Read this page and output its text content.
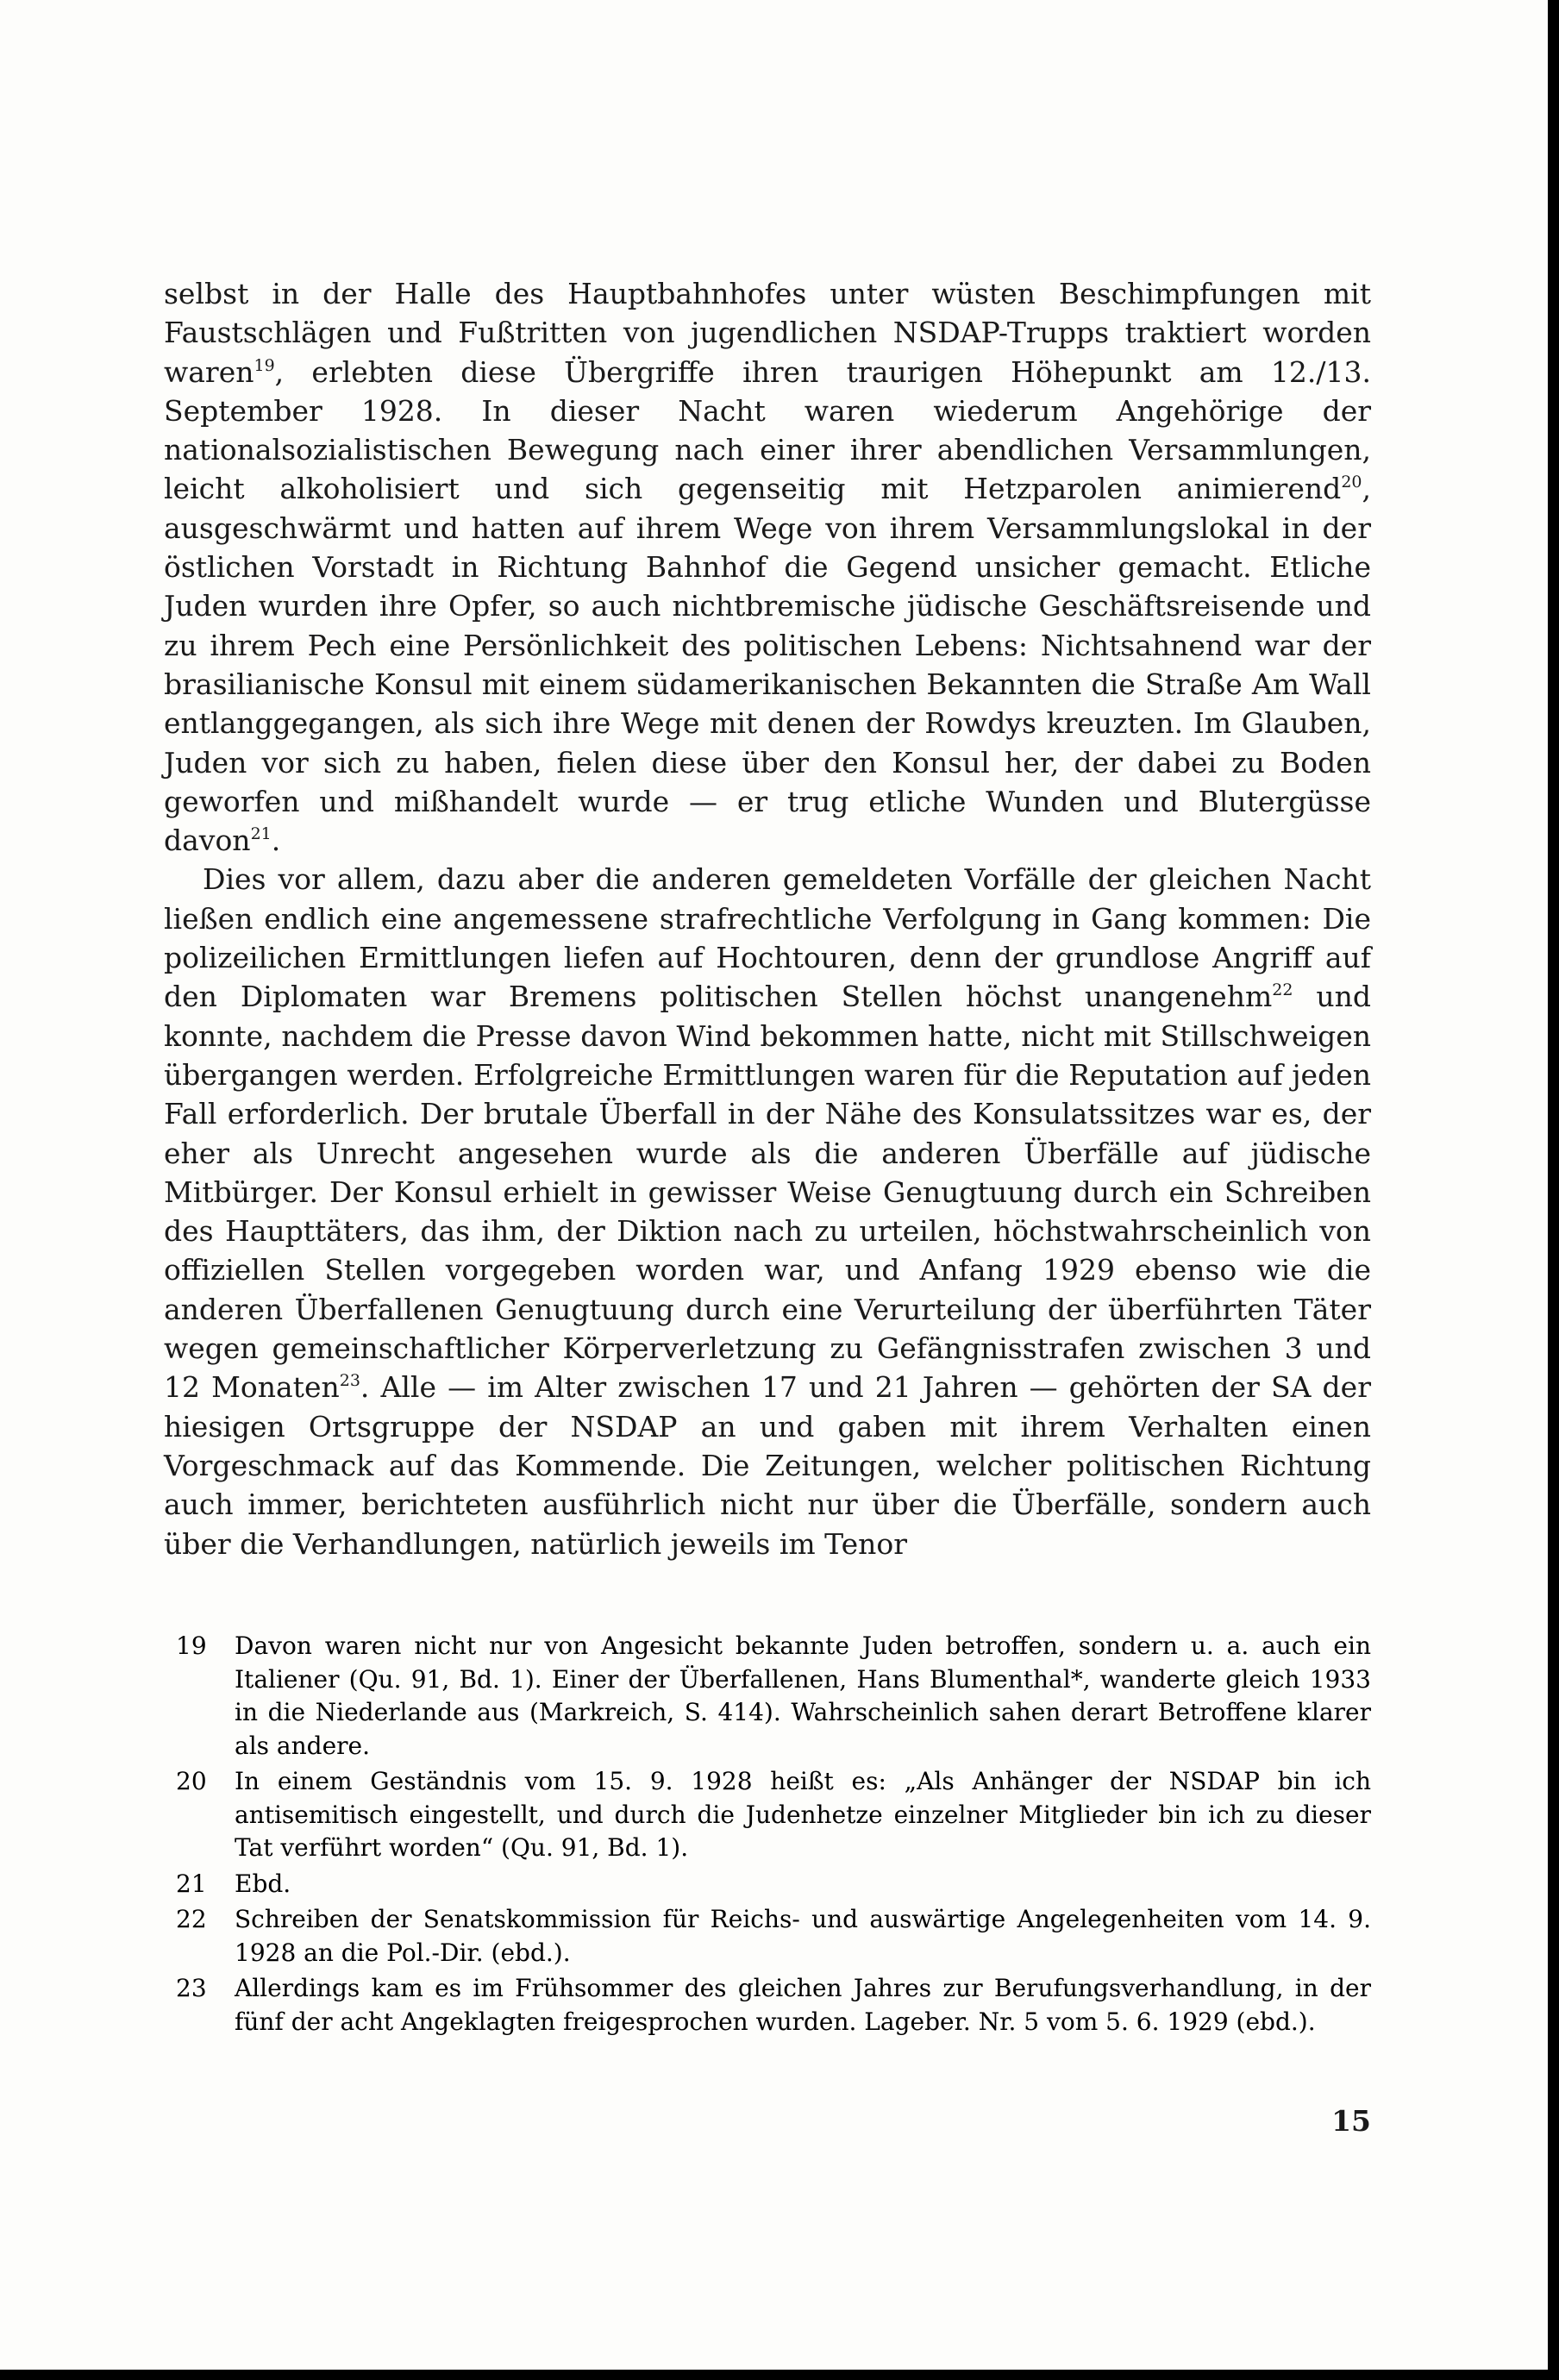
selbst in der Halle des Hauptbahnhofes unter wüsten Beschimpfungen mit Faustschlägen und Fußtritten von jugendlichen NSDAP-Trupps traktiert worden waren$^{19}$, erlebten diese Übergriffe ihren traurigen Höhepunkt am 12./13. September 1928. In dieser Nacht waren wiederum Angehörige der nationalsozialistischen Bewegung nach einer ihrer abendlichen Versammlungen, leicht alkoholisiert und sich gegenseitig mit Hetzparolen animierend$^{20}$, ausgeschwärmt und hatten auf ihrem Wege von ihrem Versammlungslokal in der östlichen Vorstadt in Richtung Bahnhof die Gegend unsicher gemacht. Etliche Juden wurden ihre Opfer, so auch nichtbremische jüdische Geschäftsreisende und zu ihrem Pech eine Persönlichkeit des politischen Lebens: Nichtsahnend war der brasilianische Konsul mit einem südamerikanischen Bekannten die Straße Am Wall entlanggegangen, als sich ihre Wege mit denen der Rowdys kreuzten. Im Glauben, Juden vor sich zu haben, fielen diese über den Konsul her, der dabei zu Boden geworfen und mißhandelt wurde — er trug etliche Wunden und Blutergüsse davon$^{21}$.

Dies vor allem, dazu aber die anderen gemeldeten Vorfälle der gleichen Nacht ließen endlich eine angemessene strafrechtliche Verfolgung in Gang kommen: Die polizeilichen Ermittlungen liefen auf Hochtouren, denn der grundlose Angriff auf den Diplomaten war Bremens politischen Stellen höchst unangenehm$^{22}$ und konnte, nachdem die Presse davon Wind bekommen hatte, nicht mit Stillschweigen übergangen werden. Erfolgreiche Ermittlungen waren für die Reputation auf jeden Fall erforderlich. Der brutale Überfall in der Nähe des Konsulatssitzes war es, der eher als Unrecht angesehen wurde als die anderen Überfälle auf jüdische Mitbürger. Der Konsul erhielt in gewisser Weise Genugtuung durch ein Schreiben des Haupttäters, das ihm, der Diktion nach zu urteilen, höchstwahrscheinlich von offiziellen Stellen vorgegeben worden war, und Anfang 1929 ebenso wie die anderen Überfallenen Genugtuung durch eine Verurteilung der überführten Täter wegen gemeinschaftlicher Körperverletzung zu Gefängnisstrafen zwischen 3 und 12 Monaten$^{23}$. Alle — im Alter zwischen 17 und 21 Jahren — gehörten der SA der hiesigen Ortsgruppe der NSDAP an und gaben mit ihrem Verhalten einen Vorgeschmack auf das Kommende. Die Zeitungen, welcher politischen Richtung auch immer, berichteten ausführlich nicht nur über die Überfälle, sondern auch über die Verhandlungen, natürlich jeweils im Tenor

19 Davon waren nicht nur von Angesicht bekannte Juden betroffen, sondern u. a. auch ein Italiener (Qu. 91, Bd. 1). Einer der Überfallenen, Hans Blumenthal*, wanderte gleich 1933 in die Niederlande aus (Markreich, S. 414). Wahrscheinlich sahen derart Betroffene klarer als andere.
20 In einem Geständnis vom 15. 9. 1928 heißt es: „Als Anhänger der NSDAP bin ich antisemitisch eingestellt, und durch die Judenhetze einzelner Mitglieder bin ich zu dieser Tat verführt worden“ (Qu. 91, Bd. 1).
21 Ebd.
22 Schreiben der Senatskommission für Reichs- und auswärtige Angelegenheiten vom 14. 9. 1928 an die Pol.-Dir. (ebd.).
23 Allerdings kam es im Frühsommer des gleichen Jahres zur Berufungsverhandlung, in der fünf der acht Angeklagten freigesprochen wurden. Lageber. Nr. 5 vom 5. 6. 1929 (ebd.).
15
